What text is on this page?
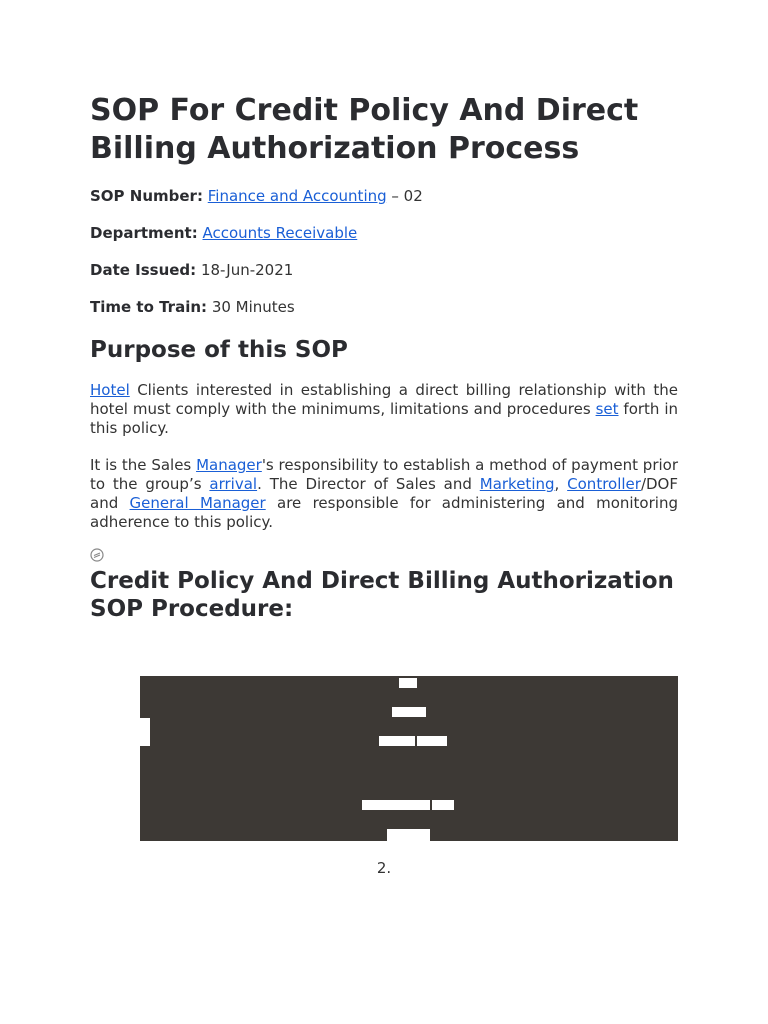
SOP For Credit Policy And Direct Billing Authorization Process

SOP Number: Finance and Accounting – 02

Department: Accounts Receivable

Date Issued: 18-Jun-2021

Time to Train: 30 Minutes

Purpose of this SOP

Hotel Clients interested in establishing a direct billing relationship with the hotel must comply with the minimums, limitations and procedures set forth in this policy.

It is the Sales Manager's responsibility to establish a method of payment prior to the group’s arrival. The Director of Sales and Marketing, Controller/DOF and General Manager are responsible for administering and monitoring adherence to this policy.

Credit Policy And Direct Billing Authorization SOP Procedure:
2.
